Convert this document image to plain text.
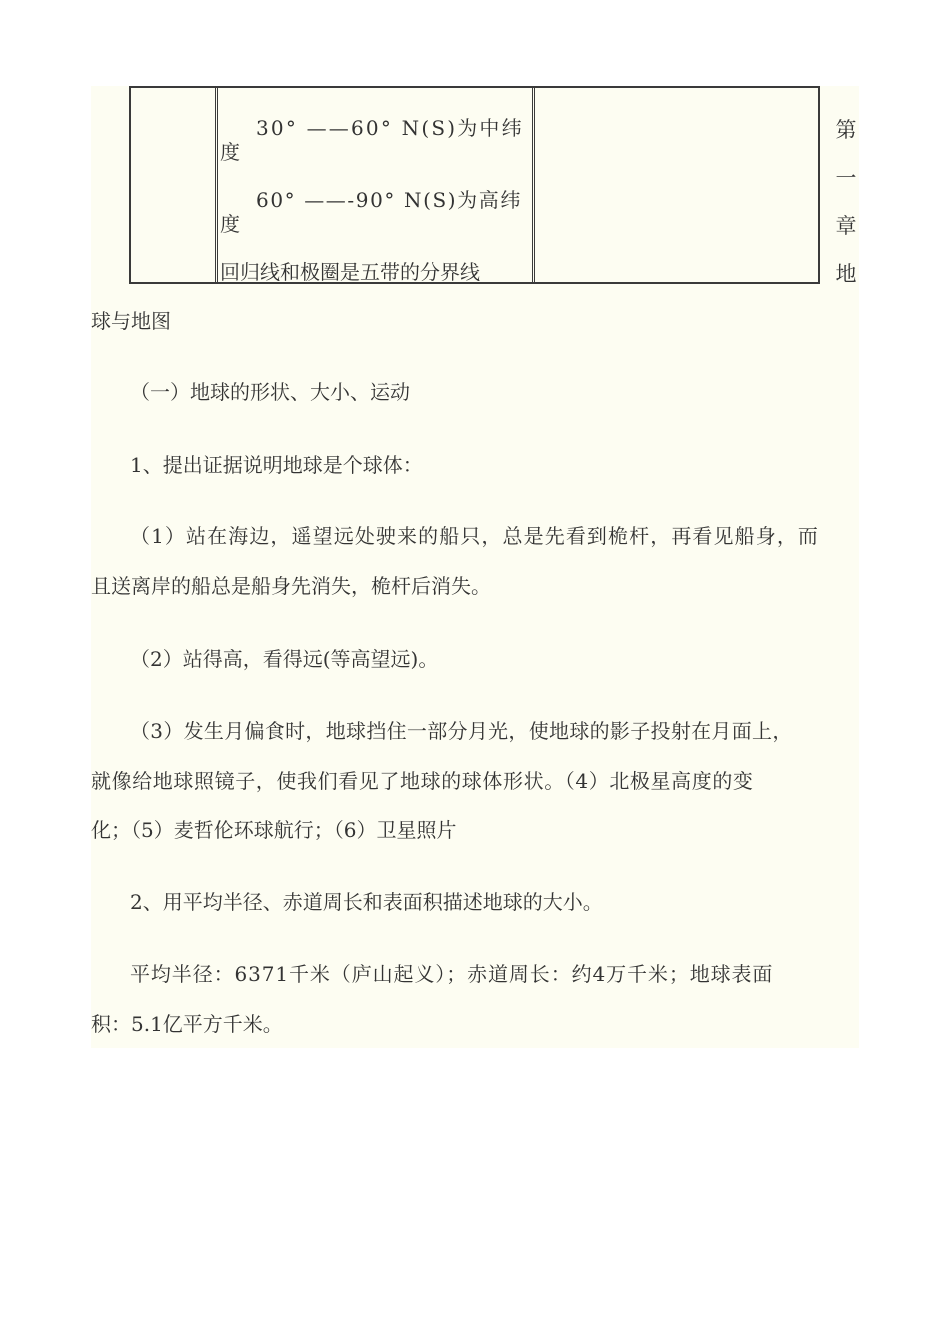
30° ——60° N(S)为中纬
度
60° ——-90° N(S)为高纬
度
回归线和极圈是五带的分界线
第
一
章
地
球与地图
（一）地球的形状、大小、运动
1、提出证据说明地球是个球体：
（1）站在海边，遥望远处驶来的船只，总是先看到桅杆，再看见船身，而
且送离岸的船总是船身先消失，桅杆后消失。
（2）站得高，看得远(等高望远)。
（3）发生月偏食时，地球挡住一部分月光，使地球的影子投射在月面上，
就像给地球照镜子，使我们看见了地球的球体形状。（4）北极星高度的变
化；（5）麦哲伦环球航行；（6）卫星照片
2、用平均半径、赤道周长和表面积描述地球的大小。
平均半径：6371千米（庐山起义）；赤道周长：约4万千米；地球表面
积：5.1亿平方千米。
